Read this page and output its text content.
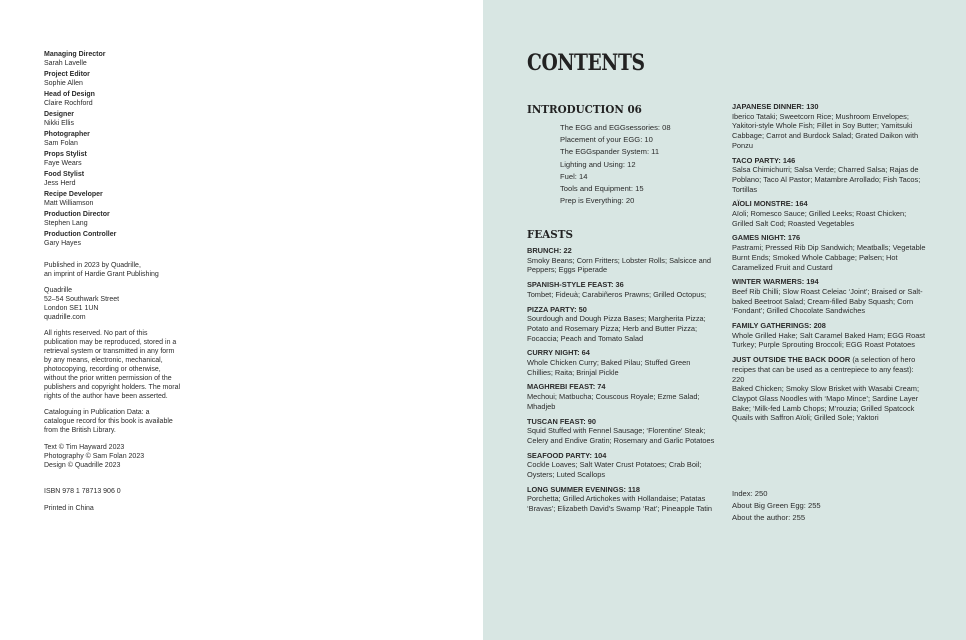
Managing Director
Sarah Lavelle
Project Editor
Sophie Allen
Head of Design
Claire Rochford
Designer
Nikki Ellis
Photographer
Sam Folan
Props Stylist
Faye Wears
Food Stylist
Jess Herd
Recipe Developer
Matt Williamson
Production Director
Stephen Lang
Production Controller
Gary Hayes
Published in 2023 by Quadrille,
an imprint of Hardie Grant Publishing
Quadrille
52–54 Southwark Street
London SE1 1UN
quadrille.com
All rights reserved. No part of this
publication may be reproduced, stored in a
retrieval system or transmitted in any form
by any means, electronic, mechanical,
photocopying, recording or otherwise,
without the prior written permission of the
publishers and copyright holders. The moral
rights of the author have been asserted.
Cataloguing in Publication Data: a
catalogue record for this book is available
from the British Library.
Text © Tim Hayward 2023
Photography © Sam Folan 2023
Design © Quadrille 2023
ISBN 978 1 78713 906 0
Printed in China
CONTENTS
INTRODUCTION 06
The EGG and EGGsessories: 08
Placement of your EGG: 10
The EGGspander System: 11
Lighting and Using: 12
Fuel: 14
Tools and Equipment: 15
Prep is Everything: 20
FEASTS
BRUNCH: 22
Smoky Beans; Corn Fritters; Lobster Rolls; Salsicce and Peppers; Eggs Piperade
SPANISH-STYLE FEAST: 36
Tombet; Fideuà; Carabiñeros Prawns; Grilled Octopus;
PIZZA PARTY: 50
Sourdough and Dough Pizza Bases; Margherita Pizza; Potato and Rosemary Pizza; Herb and Butter Pizza; Focaccia; Peach and Tomato Salad
CURRY NIGHT: 64
Whole Chicken Curry; Baked Pilau; Stuffed Green Chillies; Raita; Brinjal Pickle
MAGHREBI FEAST: 74
Mechoui; Matbucha; Couscous Royale; Ezme Salad; Mhadjeb
TUSCAN FEAST: 90
Squid Stuffed with Fennel Sausage; ‘Florentine’ Steak; Celery and Endive Gratin; Rosemary and Garlic Potatoes
SEAFOOD PARTY: 104
Cockle Loaves; Salt Water Crust Potatoes; Crab Boil; Oysters; Luted Scallops
LONG SUMMER EVENINGS: 118
Porchetta; Grilled Artichokes with Hollandaise; Patatas ‘Bravas’; Elizabeth David’s Swamp ‘Rat’; Pineapple Tatin
JAPANESE DINNER: 130
Iberico Tataki; Sweetcorn Rice; Mushroom Envelopes; Yakitori-style Whole Fish; Fillet in Soy Butter; Yamitsuki Cabbage; Carrot and Burdock Salad; Grated Daikon with Ponzu
TACO PARTY: 146
Salsa Chimichurri; Salsa Verde; Charred Salsa; Rajas de Poblano; Taco Al Pastor; Matambre Arrollado; Fish Tacos; Tortillas
AÏOLI MONSTRE: 164
Aïoli; Romesco Sauce; Grilled Leeks; Roast Chicken; Grilled Salt Cod; Roasted Vegetables
GAMES NIGHT: 176
Pastrami; Pressed Rib Dip Sandwich; Meatballs; Vegetable Burnt Ends; Smoked Whole Cabbage; Pølsen; Hot Caramelized Fruit and Custard
WINTER WARMERS: 194
Beef Rib Chilli; Slow Roast Celeiac ‘Joint’; Braised or Salt-baked Beetroot Salad; Cream-filled Baby Squash; Corn ‘Fondant’; Grilled Chocolate Sandwiches
FAMILY GATHERINGS: 208
Whole Grilled Hake; Salt Caramel Baked Ham; EGG Roast Turkey; Purple Sprouting Broccoli; EGG Roast Potatoes
JUST OUTSIDE THE BACK DOOR (a selection of hero recipes that can be used as a centrepiece to any feast): 220
Baked Chicken; Smoky Slow Brisket with Wasabi Cream; Claypot Glass Noodles with ‘Mapo Mince’; Sardine Layer Bake; ‘Milk-fed Lamb Chops; M’rouzia; Grilled Spatcock Quails with Saffron Aïoli; Grilled Sole; Yaktori
Index: 250
About Big Green Egg: 255
About the author: 255
